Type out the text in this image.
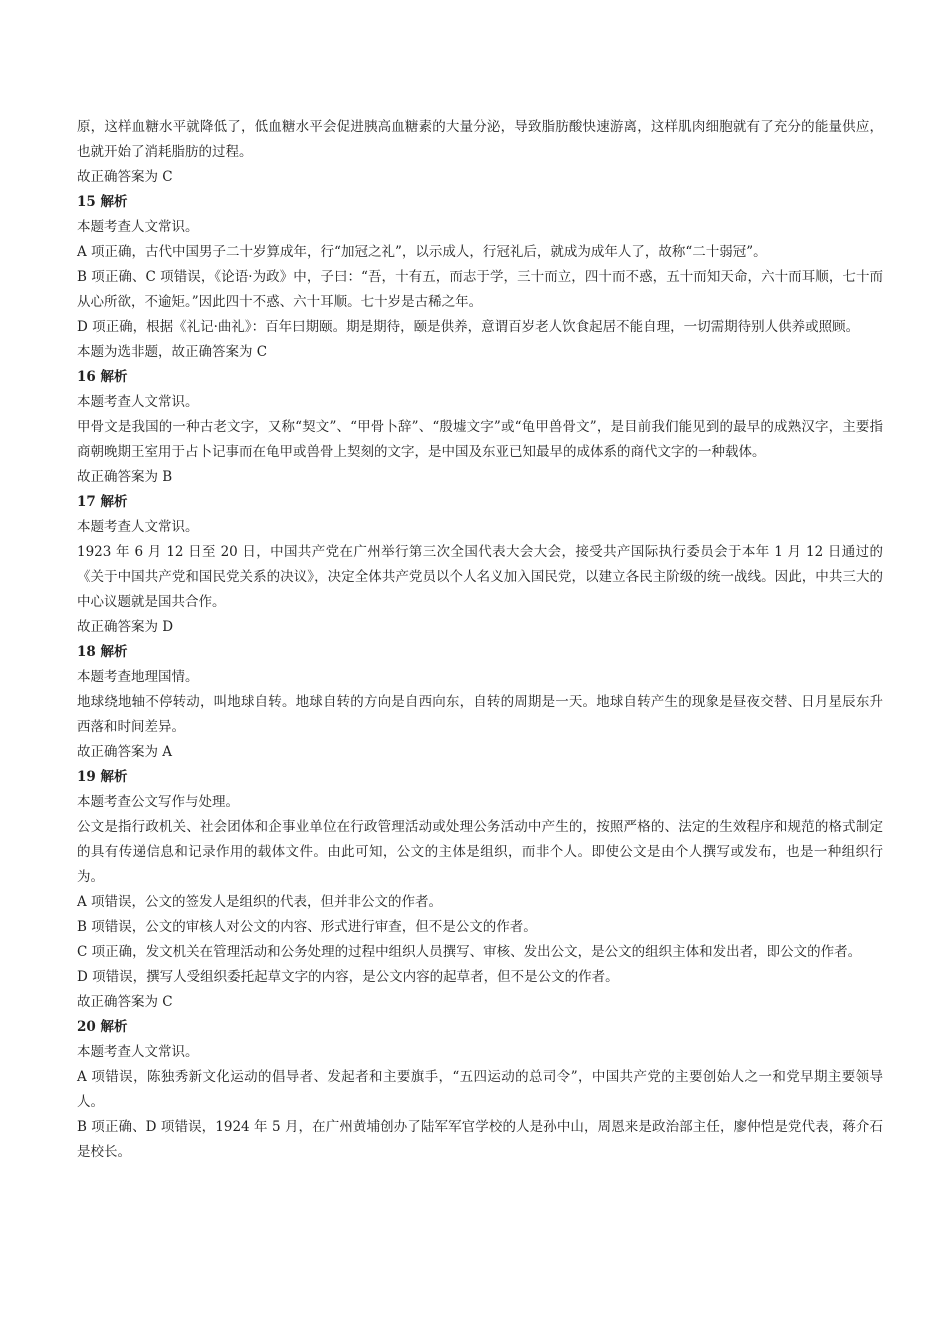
原，这样血糖水平就降低了，低血糖水平会促进胰高血糖素的大量分泌，导致脂肪酸快速游离，这样肌肉细胞就有了充分的能量供应，也就开始了消耗脂肪的过程。

故正确答案为 C

15 解析

本题考查人文常识。

A 项正确，古代中国男子二十岁算成年，行“加冠之礼”，以示成人，行冠礼后，就成为成年人了，故称“二十弱冠”。

B 项正确、C 项错误，《论语·为政》中，子曰：“吾，十有五，而志于学，三十而立，四十而不惑，五十而知天命，六十而耳顺，七十而从心所欲，不逾矩。”因此四十不惑、六十耳顺。七十岁是古稀之年。

D 项正确，根据《礼记·曲礼》：百年曰期颐。期是期待，颐是供养，意谓百岁老人饮食起居不能自理，一切需期待别人供养或照顾。

本题为选非题，故正确答案为 C

16 解析

本题考查人文常识。

甲骨文是我国的一种古老文字，又称“契文”、“甲骨卜辞”、“殷墟文字”或“龟甲兽骨文”，是目前我们能见到的最早的成熟汉字，主要指商朝晚期王室用于占卜记事而在龟甲或兽骨上契刻的文字，是中国及东亚已知最早的成体系的商代文字的一种载体。

故正确答案为 B

17 解析

本题考查人文常识。

1923 年 6 月 12 日至 20 日，中国共产党在广州举行第三次全国代表大会大会，接受共产国际执行委员会于本年 1 月 12 日通过的《关于中国共产党和国民党关系的决议》，决定全体共产党员以个人名义加入国民党，以建立各民主阶级的统一战线。因此，中共三大的中心议题就是国共合作。

故正确答案为 D

18 解析

本题考查地理国情。

地球绕地轴不停转动，叫地球自转。地球自转的方向是自西向东，自转的周期是一天。地球自转产生的现象是昼夜交替、日月星辰东升西落和时间差异。

故正确答案为 A

19 解析

本题考查公文写作与处理。

公文是指行政机关、社会团体和企事业单位在行政管理活动或处理公务活动中产生的，按照严格的、法定的生效程序和规范的格式制定的具有传递信息和记录作用的载体文件。由此可知，公文的主体是组织，而非个人。即使公文是由个人撰写或发布，也是一种组织行为。

A 项错误，公文的签发人是组织的代表，但并非公文的作者。

B 项错误，公文的审核人对公文的内容、形式进行审查，但不是公文的作者。

C 项正确，发文机关在管理活动和公务处理的过程中组织人员撰写、审核、发出公文，是公文的组织主体和发出者，即公文的作者。

D 项错误，撰写人受组织委托起草文字的内容，是公文内容的起草者，但不是公文的作者。

故正确答案为 C

20 解析

本题考查人文常识。

A 项错误，陈独秀新文化运动的倡导者、发起者和主要旗手，“五四运动的总司令”，中国共产党的主要创始人之一和党早期主要领导人。

B 项正确、D 项错误，1924 年 5 月，在广州黄埔创办了陆军军官学校的人是孙中山，周恩来是政治部主任，廖仲恺是党代表，蒋介石是校长。
